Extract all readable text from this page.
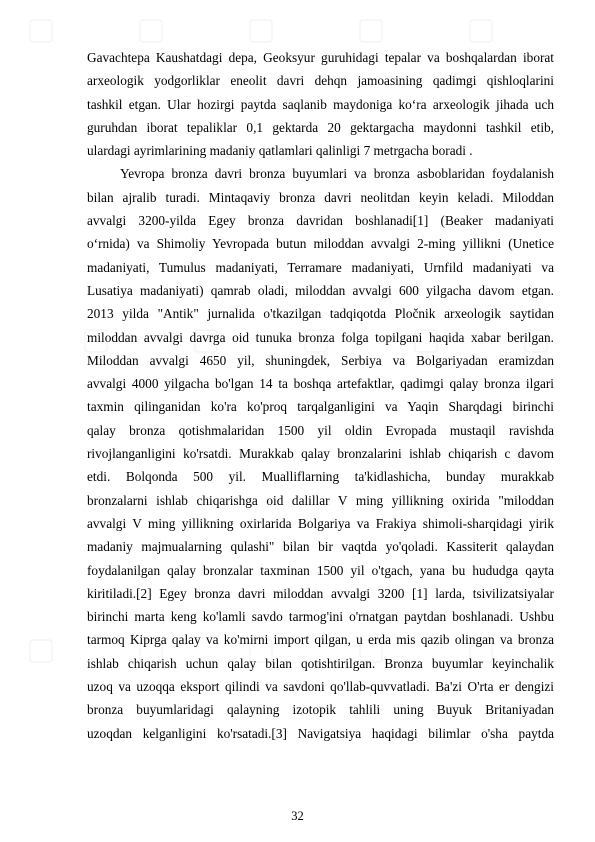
Gavachtepa Kaushatdagi depa, Geoksyur guruhidagi tepalar va boshqalardan iborat
arxeologik yodgorliklar eneolit davri dehqn jamoasining qadimgi qishloqlarini
tashkil etgan. Ular hozirgi paytda saqlanib maydoniga ko‘ra arxeologik jihada uch
guruhdan iborat tepaliklar 0,1 gektarda 20 gektargacha maydonni tashkil etib,
ulardagi ayrimlarining madaniy qatlamlari qalinligi 7 metrgacha boradi .
Yevropa bronza davri bronza buyumlari va bronza asboblaridan foydalanish
bilan ajralib turadi. Mintaqaviy bronza davri neolitdan keyin keladi. Miloddan
avvalgi 3200-yilda Egey bronza davridan boshlanadi[1] (Beaker madaniyati
o‘rnida) va Shimoliy Yevropada butun miloddan avvalgi 2-ming yillikni (Unetice
madaniyati, Tumulus madaniyati, Terramare madaniyati, Urnfild madaniyati va
Lusatiya madaniyati) qamrab oladi, miloddan avvalgi 600 yilgacha davom etgan.
2013 yilda "Antik" jurnalida o'tkazilgan tadqiqotda Pločnik arxeologik saytidan
miloddan avvalgi davrga oid tunuka bronza folga topilgani haqida xabar berilgan.
Miloddan avvalgi 4650 yil, shuningdek, Serbiya va Bolgariyadan eramizdan
avvalgi 4000 yilgacha bo'lgan 14 ta boshqa artefaktlar, qadimgi qalay bronza ilgari
taxmin qilinganidan ko'ra ko'proq tarqalganligini va Yaqin Sharqdagi birinchi
qalay bronza qotishmalaridan 1500 yil oldin Evropada mustaqil ravishda
rivojlanganligini ko'rsatdi. Murakkab qalay bronzalarini ishlab chiqarish c davom
etdi. Bolqonda 500 yil. Mualliflarning ta'kidlashicha, bunday murakkab
bronzalarni ishlab chiqarishga oid dalillar V ming yillikning oxirida "miloddan
avvalgi V ming yillikning oxirlarida Bolgariya va Frakiya shimoli-sharqidagi yirik
madaniy majmualarning qulashi" bilan bir vaqtda yo'qoladi. Kassiterit qalaydan
foydalanilgan qalay bronzalar taxminan 1500 yil o'tgach, yana bu hududga qayta
kiritiladi.[2] Egey bronza davri miloddan avvalgi 3200 [1] larda, tsivilizatsiyalar
birinchi marta keng ko'lamli savdo tarmog'ini o'rnatgan paytdan boshlanadi. Ushbu
tarmoq Kiprga qalay va ko'mirni import qilgan, u erda mis qazib olingan va bronza
ishlab chiqarish uchun qalay bilan qotishtirilgan. Bronza buyumlar keyinchalik
uzoq va uzoqqa eksport qilindi va savdoni qo'llab-quvvatladi. Ba'zi O'rta er dengizi
bronza buyumlaridagi qalayning izotopik tahlili uning Buyuk Britaniyadan
uzoqdan kelganligini ko'rsatadi.[3] Navigatsiya haqidagi bilimlar o'sha paytda
32
